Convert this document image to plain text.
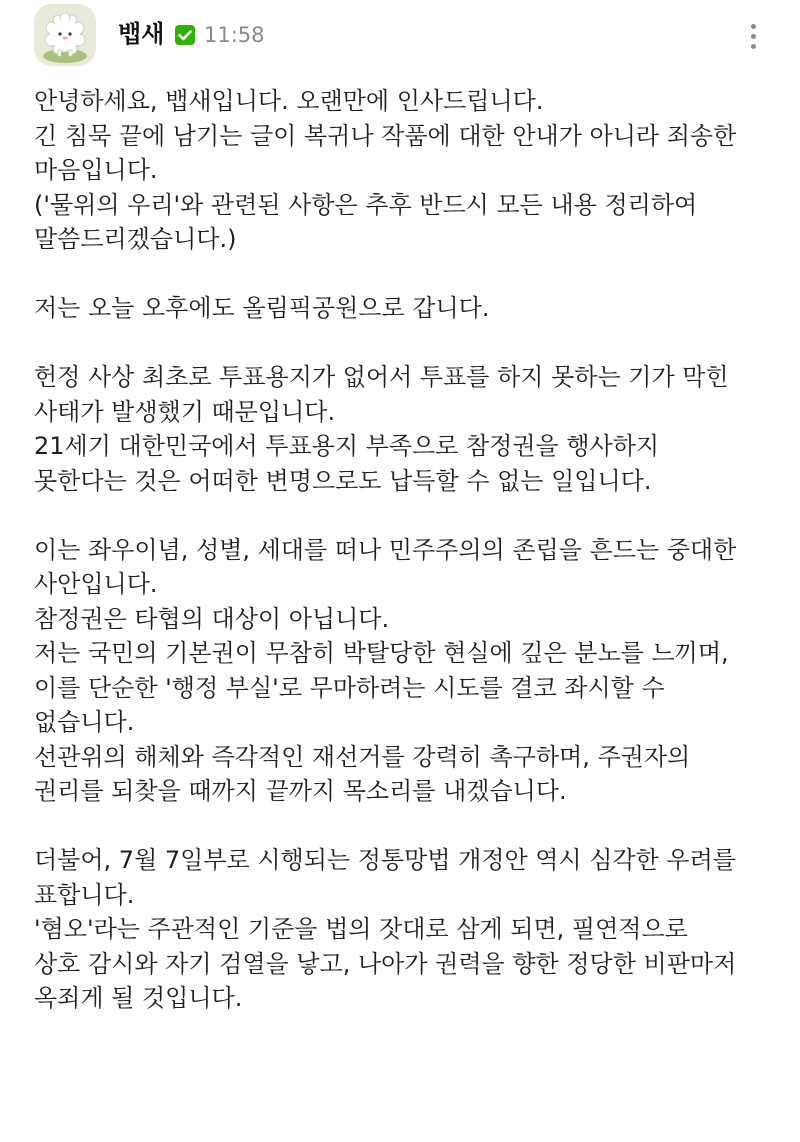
뱁새 11:58
안녕하세요, 뱁새입니다. 오랜만에 인사드립니다.
긴 침묵 끝에 남기는 글이 복귀나 작품에 대한 안내가 아니라 죄송한
마음입니다.
('물위의 우리'와 관련된 사항은 추후 반드시 모든 내용 정리하여
말씀드리겠습니다.)
저는 오늘 오후에도 올림픽공원으로 갑니다.
헌정 사상 최초로 투표용지가 없어서 투표를 하지 못하는 기가 막힌
사태가 발생했기 때문입니다.
21세기 대한민국에서 투표용지 부족으로 참정권을 행사하지
못한다는 것은 어떠한 변명으로도 납득할 수 없는 일입니다.
이는 좌우이념, 성별, 세대를 떠나 민주주의의 존립을 흔드는 중대한
사안입니다.
참정권은 타협의 대상이 아닙니다.
저는 국민의 기본권이 무참히 박탈당한 현실에 깊은 분노를 느끼며,
이를 단순한 '행정 부실'로 무마하려는 시도를 결코 좌시할 수
없습니다.
선관위의 해체와 즉각적인 재선거를 강력히 촉구하며, 주권자의
권리를 되찾을 때까지 끝까지 목소리를 내겠습니다.
더불어, 7월 7일부로 시행되는 정통망법 개정안 역시 심각한 우려를
표합니다.
'혐오'라는 주관적인 기준을 법의 잣대로 삼게 되면, 필연적으로
상호 감시와 자기 검열을 낳고, 나아가 권력을 향한 정당한 비판마저
옥죄게 될 것입니다.
